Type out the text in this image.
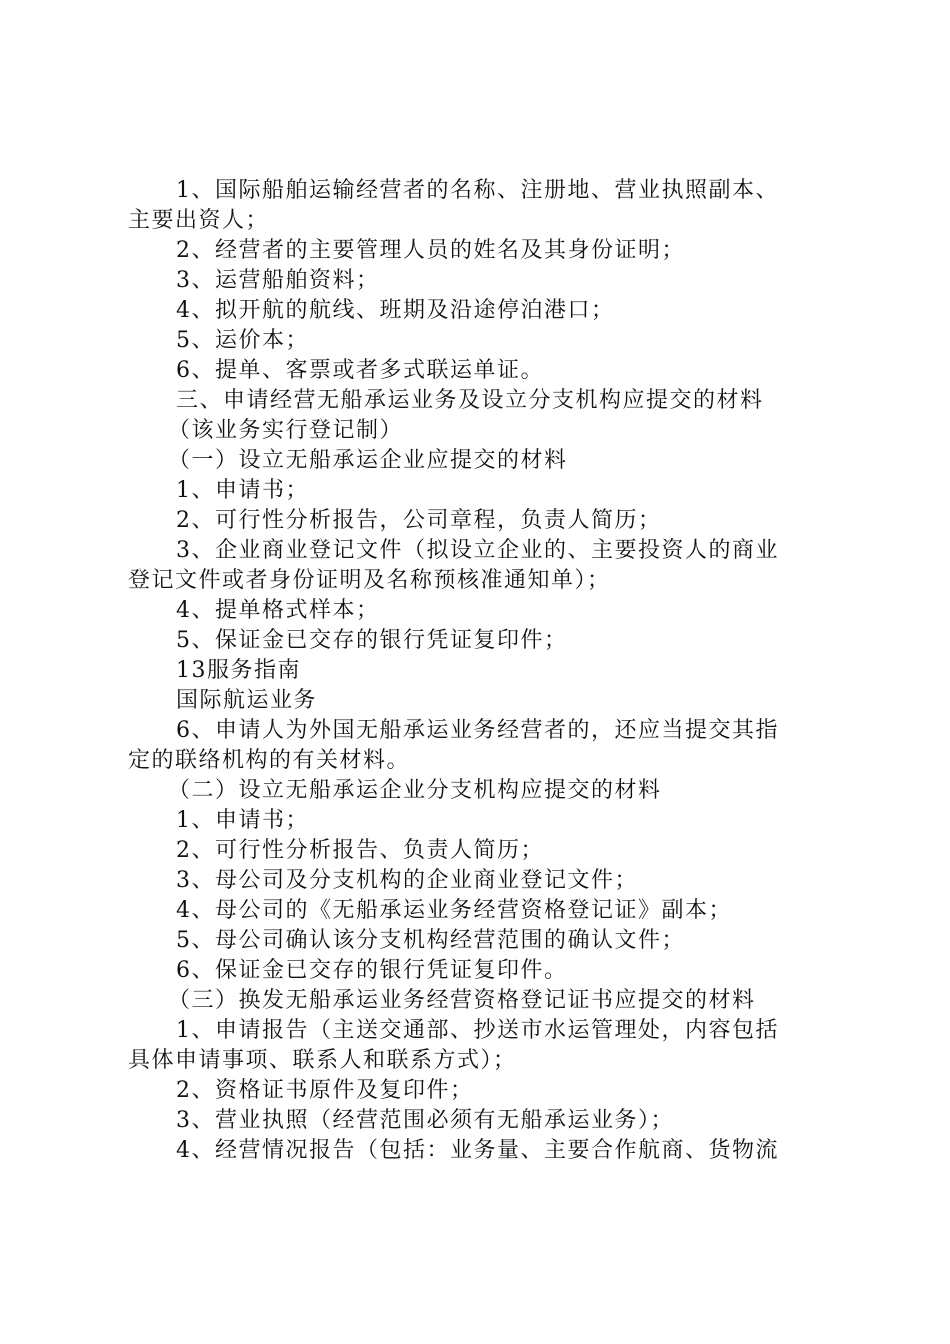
1、国际船舶运输经营者的名称、注册地、营业执照副本、
主要出资人；
2、经营者的主要管理人员的姓名及其身份证明；
3、运营船舶资料；
4、拟开航的航线、班期及沿途停泊港口；
5、运价本；
6、提单、客票或者多式联运单证。
三、申请经营无船承运业务及设立分支机构应提交的材料
（该业务实行登记制）
（一）设立无船承运企业应提交的材料
1、申请书；
2、可行性分析报告，公司章程，负责人简历；
3、企业商业登记文件（拟设立企业的、主要投资人的商业
登记文件或者身份证明及名称预核准通知单）；
4、提单格式样本；
5、保证金已交存的银行凭证复印件；
13服务指南
国际航运业务
6、申请人为外国无船承运业务经营者的，还应当提交其指
定的联络机构的有关材料。
（二）设立无船承运企业分支机构应提交的材料
1、申请书；
2、可行性分析报告、负责人简历；
3、母公司及分支机构的企业商业登记文件；
4、母公司的《无船承运业务经营资格登记证》副本；
5、母公司确认该分支机构经营范围的确认文件；
6、保证金已交存的银行凭证复印件。
（三）换发无船承运业务经营资格登记证书应提交的材料
1、申请报告（主送交通部、抄送市水运管理处，内容包括
具体申请事项、联系人和联系方式）；
2、资格证书原件及复印件；
3、营业执照（经营范围必须有无船承运业务）；
4、经营情况报告（包括：业务量、主要合作航商、货物流
